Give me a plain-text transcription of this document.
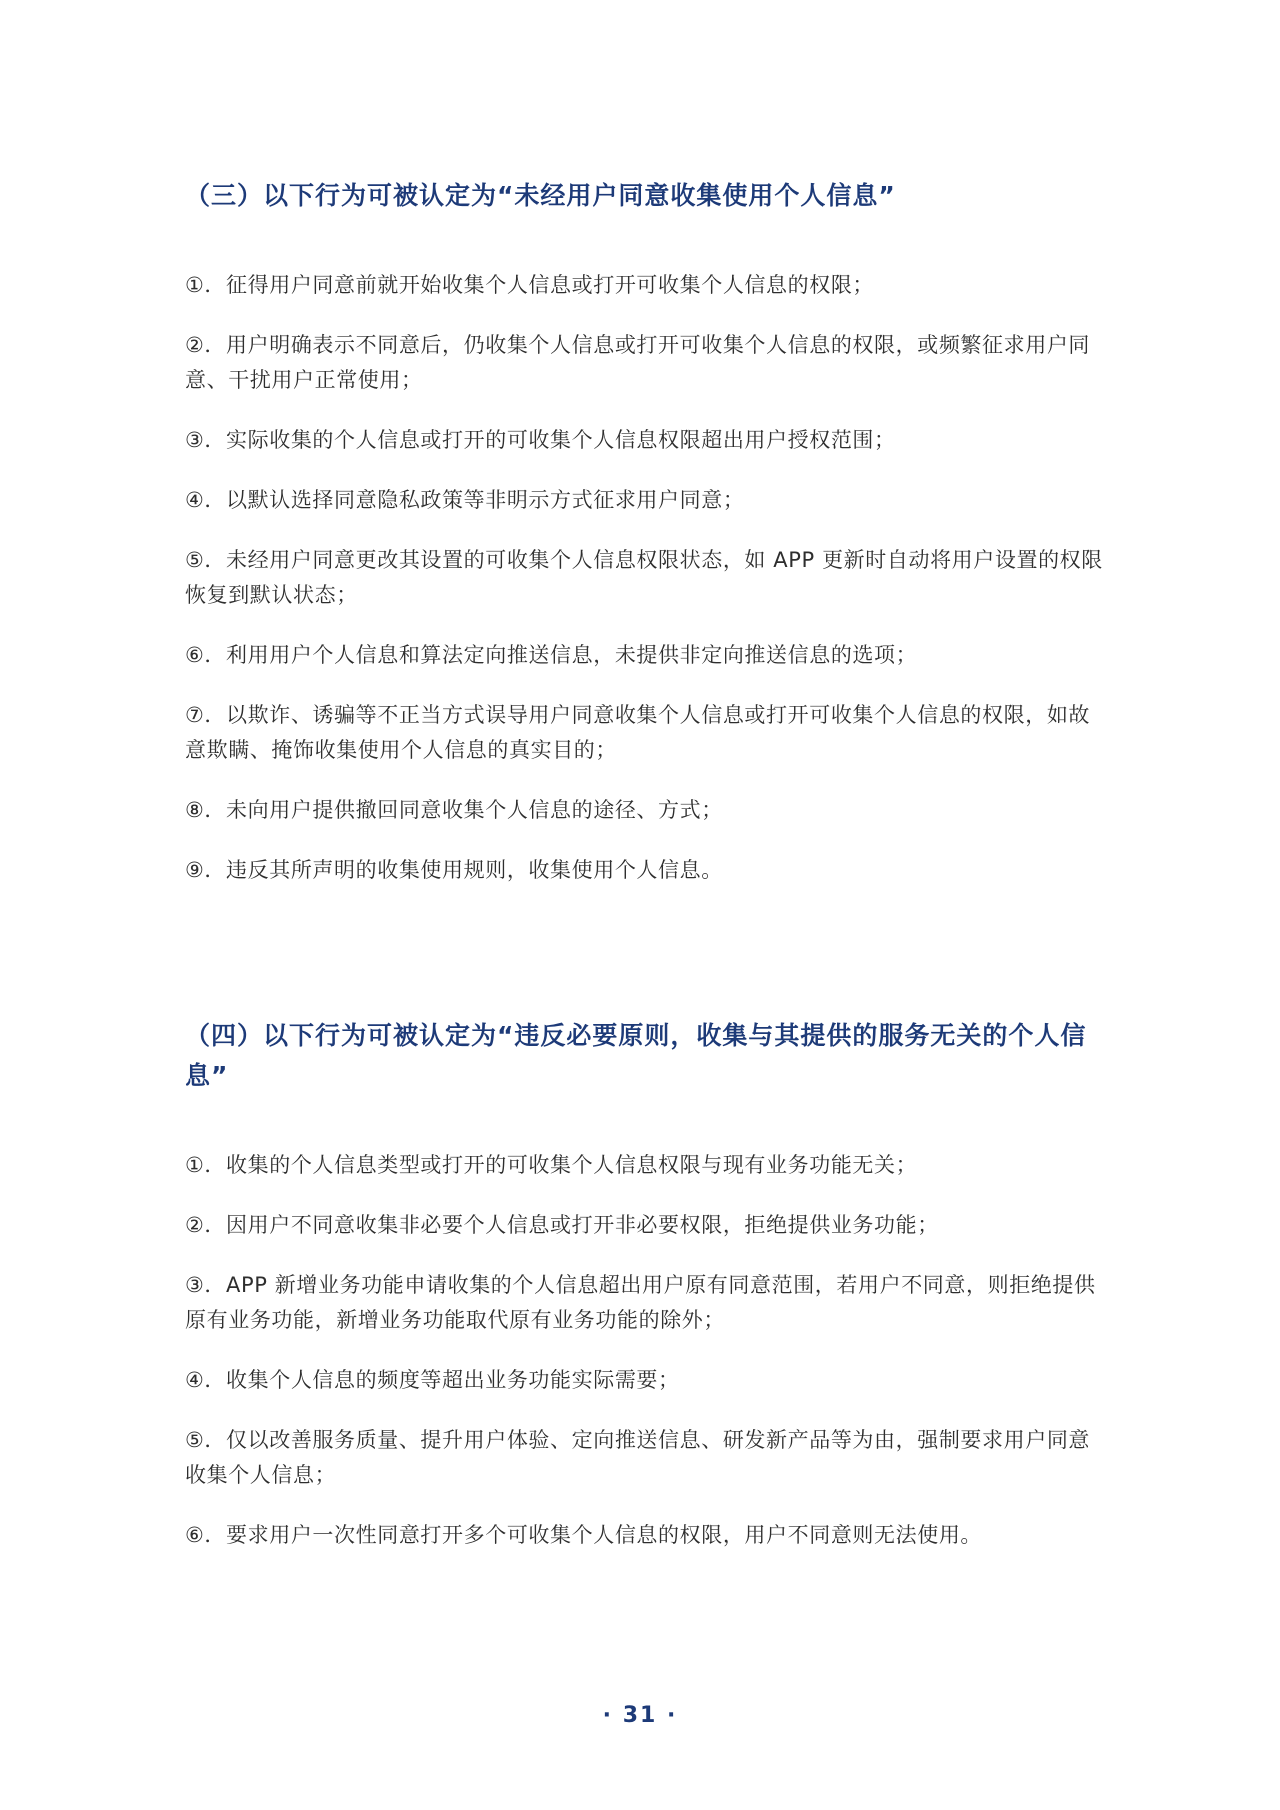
（三）以下行为可被认定为“未经用户同意收集使用个人信息”
①．征得用户同意前就开始收集个人信息或打开可收集个人信息的权限；
②．用户明确表示不同意后，仍收集个人信息或打开可收集个人信息的权限，或频繁征求用户同意、干扰用户正常使用；
③．实际收集的个人信息或打开的可收集个人信息权限超出用户授权范围；
④．以默认选择同意隐私政策等非明示方式征求用户同意；
⑤．未经用户同意更改其设置的可收集个人信息权限状态，如 APP 更新时自动将用户设置的权限恢复到默认状态；
⑥．利用用户个人信息和算法定向推送信息，未提供非定向推送信息的选项；
⑦．以欺诈、诱骗等不正当方式误导用户同意收集个人信息或打开可收集个人信息的权限，如故意欺瞒、掩饰收集使用个人信息的真实目的；
⑧．未向用户提供撤回同意收集个人信息的途径、方式；
⑨．违反其所声明的收集使用规则，收集使用个人信息。
（四）以下行为可被认定为“违反必要原则，收集与其提供的服务无关的个人信息”
①．收集的个人信息类型或打开的可收集个人信息权限与现有业务功能无关；
②．因用户不同意收集非必要个人信息或打开非必要权限，拒绝提供业务功能；
③．APP 新增业务功能申请收集的个人信息超出用户原有同意范围，若用户不同意，则拒绝提供原有业务功能，新增业务功能取代原有业务功能的除外；
④．收集个人信息的频度等超出业务功能实际需要；
⑤．仅以改善服务质量、提升用户体验、定向推送信息、研发新产品等为由，强制要求用户同意收集个人信息；
⑥．要求用户一次性同意打开多个可收集个人信息的权限，用户不同意则无法使用。
· 31 ·
